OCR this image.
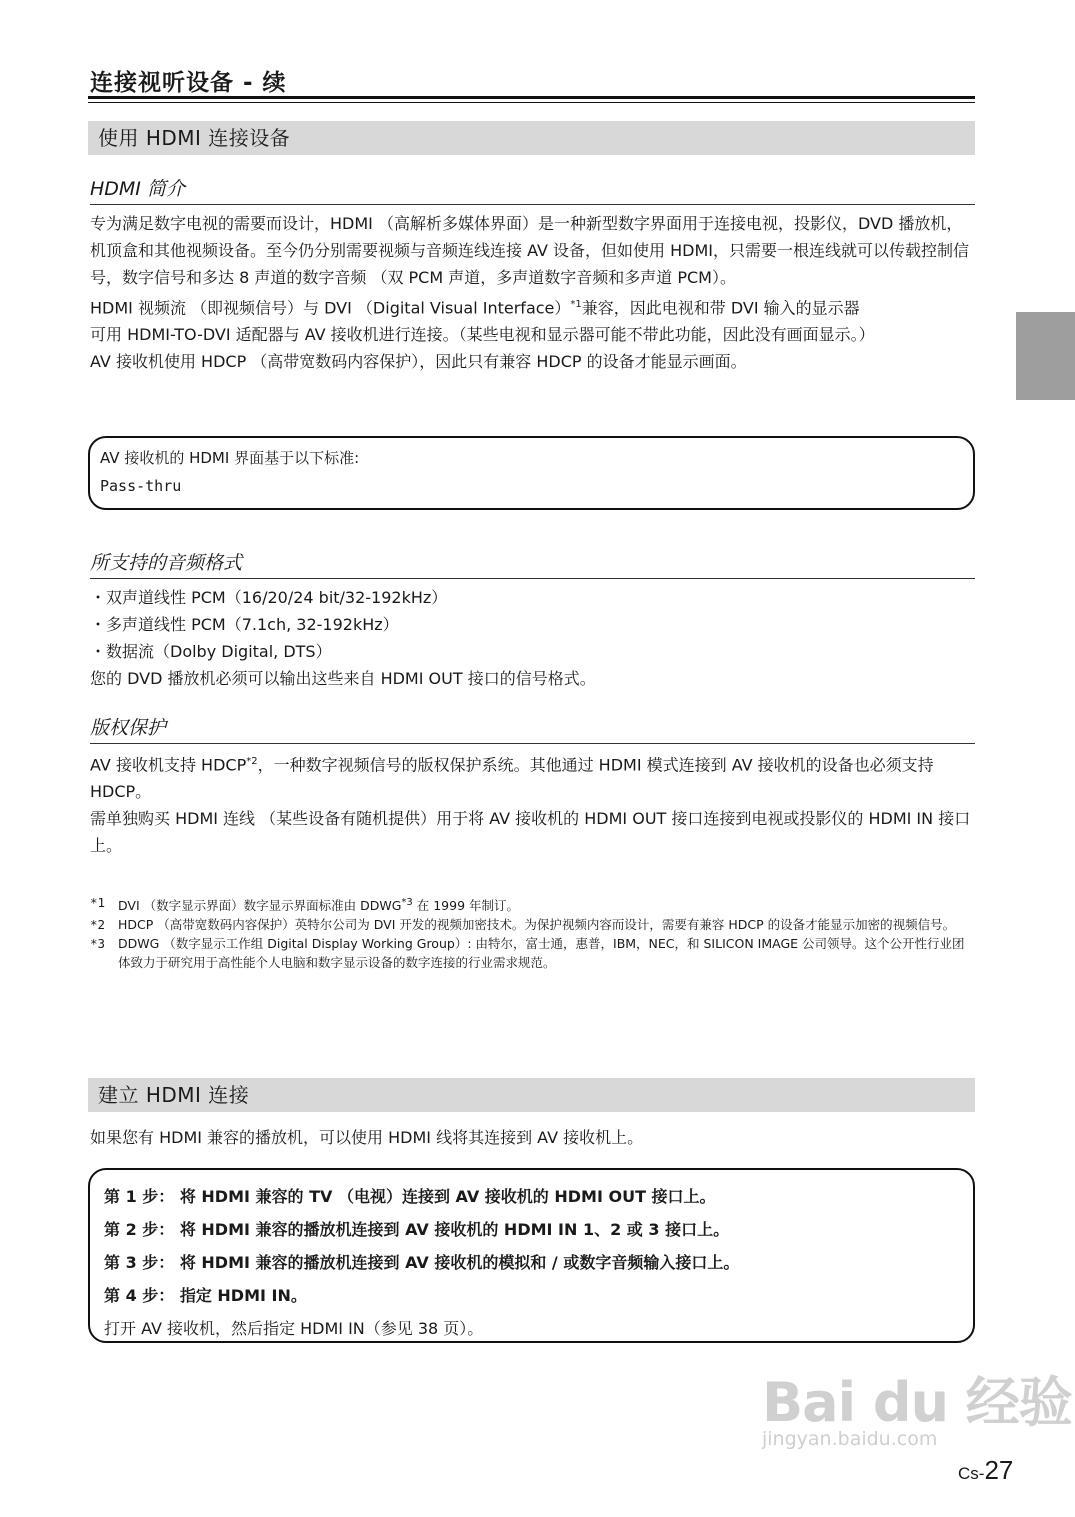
连接视听设备 - 续
使用 HDMI 连接设备
HDMI 简介

专为满足数字电视的需要而设计，HDMI （高解析多媒体界面）是一种新型数字界面用于连接电视，投影仪，DVD 播放机，机顶盒和其他视频设备。至今仍分别需要视频与音频连线连接 AV 设备，但如使用 HDMI，只需要一根连线就可以传载控制信号，数字信号和多达 8 声道的数字音频 （双 PCM 声道，多声道数字音频和多声道 PCM）。

HDMI 视频流 （即视频信号）与 DVI （Digital Visual Interface）$^{*1}$兼容，因此电视和带 DVI 输入的显示器

可用 HDMI-TO-DVI 适配器与 AV 接收机进行连接。（某些电视和显示器可能不带此功能，因此没有画面显示。）

AV 接收机使用 HDCP （高带宽数码内容保护），因此只有兼容 HDCP 的设备才能显示画面。

AV 接收机的 HDMI 界面基于以下标准:
Pass-thru
所支持的音频格式

・双声道线性 PCM（16/20/24 bit/32-192kHz）

・多声道线性 PCM（7.1ch, 32-192kHz）

・数据流（Dolby Digital, DTS）

您的 DVD 播放机必须可以输出这些来自 HDMI OUT 接口的信号格式。

版权保护

AV 接收机支持 HDCP$^{*2}$，一种数字视频信号的版权保护系统。其他通过 HDMI 模式连接到 AV 接收机的设备也必须支持 HDCP。

需单独购买 HDMI 连线 （某些设备有随机提供）用于将 AV 接收机的 HDMI OUT 接口连接到电视或投影仪的 HDMI IN 接口上。

*1	DVI （数字显示界面）数字显示界面标准由 DDWG$^{*3}$ 在 1999 年制订。
*2	HDCP （高带宽数码内容保护）英特尔公司为 DVI 开发的视频加密技术。为保护视频内容而设计，需要有兼容 HDCP 的设备才能显示加密的视频信号。
*3	DDWG （数字显示工作组 Digital Display Working Group）: 由特尔，富士通，惠普，IBM，NEC，和 SILICON IMAGE 公司领导。这个公开性行业团体致力于研究用于高性能个人电脑和数字显示设备的数字连接的行业需求规范。
建立 HDMI 连接
如果您有 HDMI 兼容的播放机，可以使用 HDMI 线将其连接到 AV 接收机上。
第 1 步： 将 HDMI 兼容的 TV （电视）连接到 AV 接收机的 HDMI OUT 接口上。
第 2 步： 将 HDMI 兼容的播放机连接到 AV 接收机的 HDMI IN 1、2 或 3 接口上。
第 3 步： 将 HDMI 兼容的播放机连接到 AV 接收机的模拟和 / 或数字音频输入接口上。
第 4 步： 指定 HDMI IN。
打开 AV 接收机，然后指定 HDMI IN（参见 38 页）。
Bai du 经验
jingyan.baidu.com
Cs-27
